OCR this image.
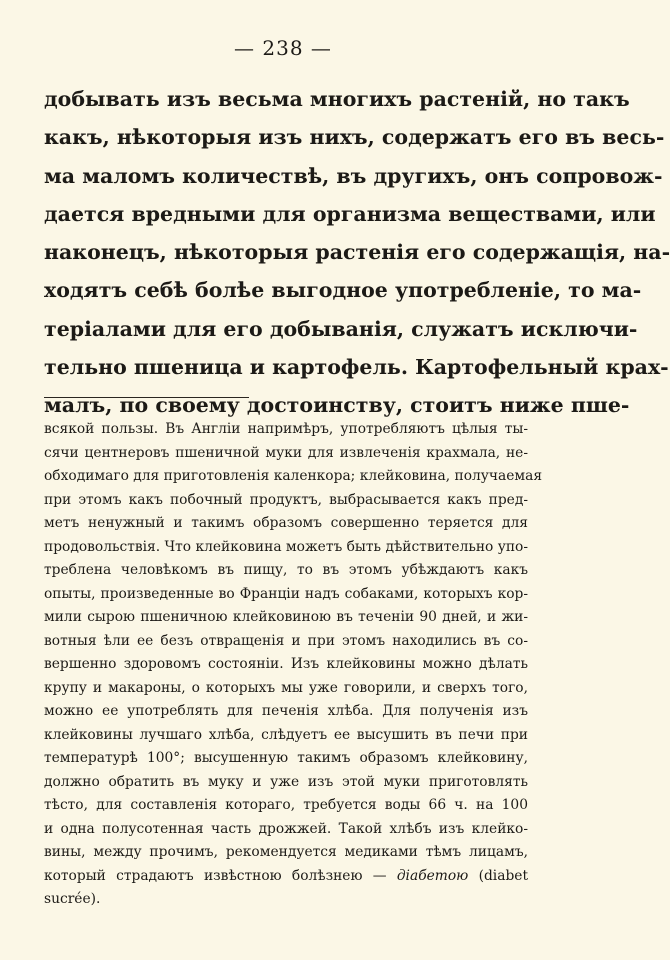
— 238 —
добывать изъ весьма многихъ растеній, но такъ
какъ, нѣкоторыя изъ нихъ, содержатъ его въ весь-
ма маломъ количествѣ, въ другихъ, онъ сопровож-
дается вредными для организма веществами, или
наконецъ, нѣкоторыя растенія его содержащія, на-
ходятъ себѣ болѣе выгодное употребленіе, то ма-
теріалами для его добыванія, служатъ исключи-
тельно пшеница и картофель. Картофельный крах-
малъ, по своему достоинству, стоитъ ниже пше-
всякой пользы. Въ Англіи напримѣръ, употребляютъ цѣлыя ты-
сячи центнеровъ пшеничной муки для извлеченія крахмала, не-
обходимаго для приготовленія каленкора; клейковина, получаемая
при этомъ какъ побочный продуктъ, выбрасывается какъ пред-
метъ ненужный и такимъ образомъ совершенно теряется для
продовольствія. Что клейковина можетъ быть дѣйствительно упо-
треблена человѣкомъ въ пищу, то въ этомъ убѣждаютъ какъ
опыты, произведенные во Франціи надъ собаками, которыхъ кор-
мили сырою пшеничною клейковиною въ теченіи 90 дней, и жи-
вотныя ѣли ее безъ отвращенія и при этомъ находились въ со-
вершенно здоровомъ состояніи. Изъ клейковины можно дѣлать
крупу и макароны, о которыхъ мы уже говорили, и сверхъ того,
можно ее употреблять для печенія хлѣба. Для полученія изъ
клейковины лучшаго хлѣба, слѣдуетъ ее высушить въ печи при
температурѣ 100°; высушенную такимъ образомъ клейковину,
должно обратить въ муку и уже изъ этой муки приготовлять
тѣсто, для составленія котораго, требуется воды 66 ч. на 100
и одна полусотенная часть дрожжей. Такой хлѣбъ изъ клейко-
вины, между прочимъ, рекомендуется медиками тѣмъ лицамъ,
который страдаютъ извѣстною болѣзнею — діабетою (diabet
sucrée).
